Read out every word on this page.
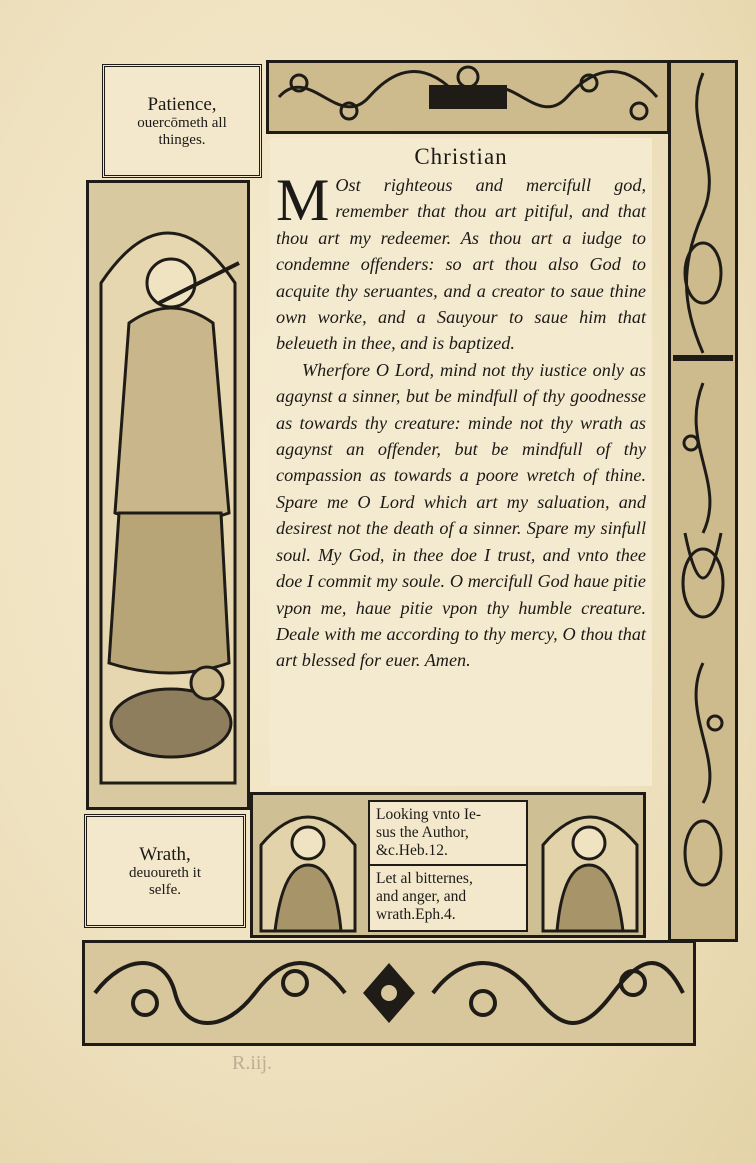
Patience,
ouercōmeth all
thinges.
Wrath,
deuoureth it
selfe.
Christian

M Ost righteous and mercifull god, remember that thou art pitiful, and that thou art my redeemer. As thou art a iudge to condemne offenders: so art thou also God to acquite thy seruantes, and a creator to saue thine own worke, and a Sauyour to saue him that beleueth in thee, and is baptized.

Wherfore O Lord, mind not thy iustice only as agaynst a sinner, but be mindfull of thy goodnesse as towards thy creature: minde not thy wrath as agaynst an offender, but be mindfull of thy compassion as towards a poore wretch of thine. Spare me O Lord which art my saluation, and desirest not the death of a sinner. Spare my sinfull soul. My God, in thee doe I trust, and vnto thee doe I commit my soule. O mercifull God haue pitie vpon me, haue pitie vpon thy humble creature. Deale with me according to thy mercy, O thou that art blessed for euer. Amen.

Looking vnto Ie-
sus the Author,
&c.Heb.12.
Let al bitternes,
and anger, and
wrath.Eph.4.
R.iij.
